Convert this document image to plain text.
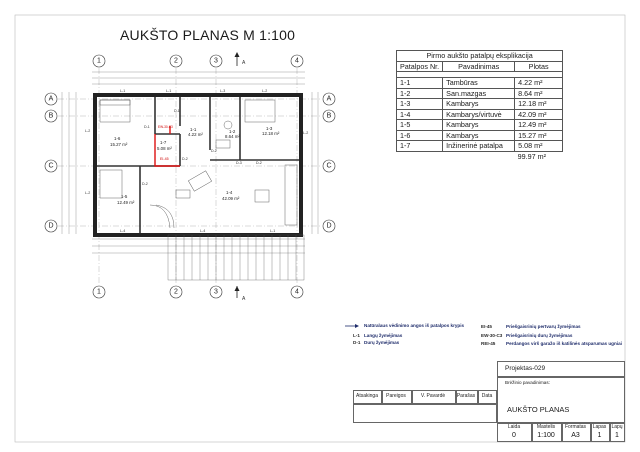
AUKŠTO PLANAS M 1:100
Pirmo aukšto patalpų eksplikacija		
Patalpos Nr.	Pavadinimas	Plotas

1-1	Tambūras	4.22 m²
1-2	San.mazgas	8.64 m²
1-3	Kambarys	12.18 m²
1-4	Kambarys/virtuvė	42.09 m²
1-5	Kambarys	12.49 m²
1-6	Kambarys	15.27 m²
1-7	Inžinerinė patalpa	5.08 m²
		99.97 m²
1	2	3	4
1	2	3	4
A
B
C
D
A
B
C
D
A
A
1-6
15.27 m²
1-1
4.22 m²
1-2
8.64 m²
1-3
12.18 m²
1-4
42.09 m²
1-5
12.49 m²
1-7
5.08 m²
L-1	L-1
L-2
L-3	L-2
L-2
L-4	L-4	L-1
L-2
D-1
D-1
D-2
D-2
D-2
D-2
D-3
EI-45
EW-30-C3
Natūralaus vėdinimo angos iš patalpos krypis
L-1 Langų žymėjimas
D-1 Durų žymėjimas
EI-45	Priešgaisrinių pertvarų žymėjimas
EW-30-C3 Priešgaisrinių durų žymėjimas
REI-45 Perdangos virš garažo iš katilinės atsparumas ugniai
Projektas-029
Brėžinio pavadinimas:
AUKŠTO PLANAS
Atsakinga	Pareigos	V. Pavardė	Parašas	Data
Laida	Mastelis	Formatas	Lapas	Lapų
0	1:100	A3	1	1
